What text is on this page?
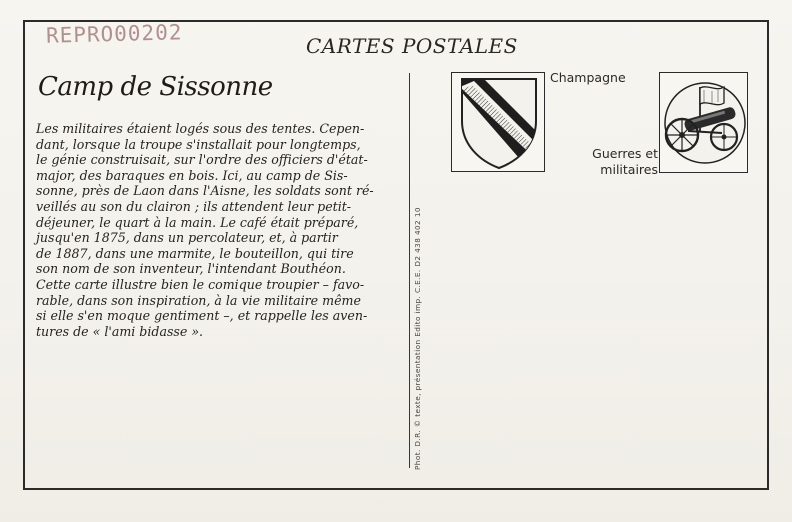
REPRO00202	CARTES POSTALES
Camp de Sissonne
Les militaires étaient logés sous des tentes. Cepen-
dant, lorsque la troupe s'installait pour longtemps,
le génie construisait, sur l'ordre des officiers d'état-
major, des baraques en bois. Ici, au camp de Sis-
sonne, près de Laon dans l'Aisne, les soldats sont ré-
veillés au son du clairon ; ils attendent leur petit-
déjeuner, le quart à la main. Le café était préparé,
jusqu'en 1875, dans un percolateur, et, à partir
de 1887, dans une marmite, le bouteillon, qui tire
son nom de son inventeur, l'intendant Bouthéon.
Cette carte illustre bien le comique troupier – favo-
rable, dans son inspiration, à la vie militaire même
si elle s'en moque gentiment –, et rappelle les aven-
tures de « l'ami bidasse ».	Phot. D.R. © texte, présentation Edito imp. C.E.E. D2 438 402 10
Champagne
Guerres et
militaires
